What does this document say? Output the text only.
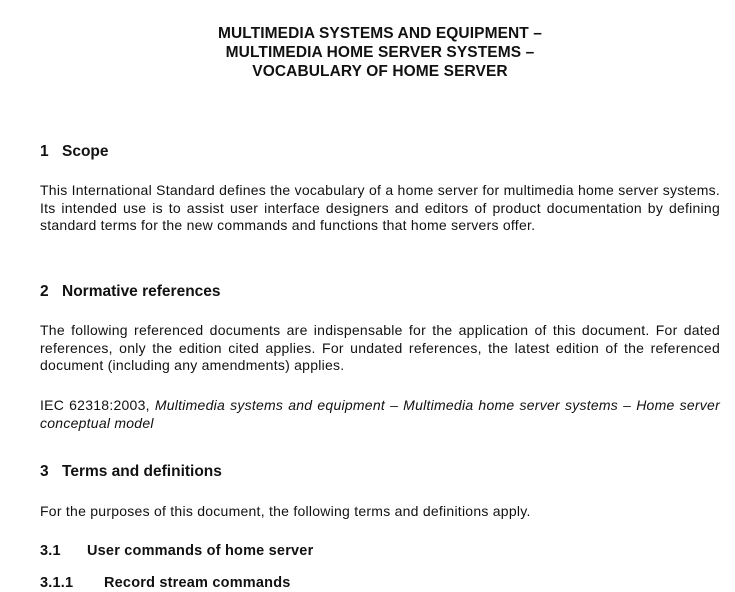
MULTIMEDIA SYSTEMS AND EQUIPMENT –
MULTIMEDIA HOME SERVER SYSTEMS –
VOCABULARY OF HOME SERVER
1 Scope
This International Standard defines the vocabulary of a home server for multimedia home server systems. Its intended use is to assist user interface designers and editors of product documentation by defining standard terms for the new commands and functions that home servers offer.
2 Normative references
The following referenced documents are indispensable for the application of this document. For dated references, only the edition cited applies. For undated references, the latest edition of the referenced document (including any amendments) applies.
IEC 62318:2003, Multimedia systems and equipment – Multimedia home server systems – Home server conceptual model
3 Terms and definitions
For the purposes of this document, the following terms and definitions apply.
3.1 User commands of home server
3.1.1 Record stream commands
